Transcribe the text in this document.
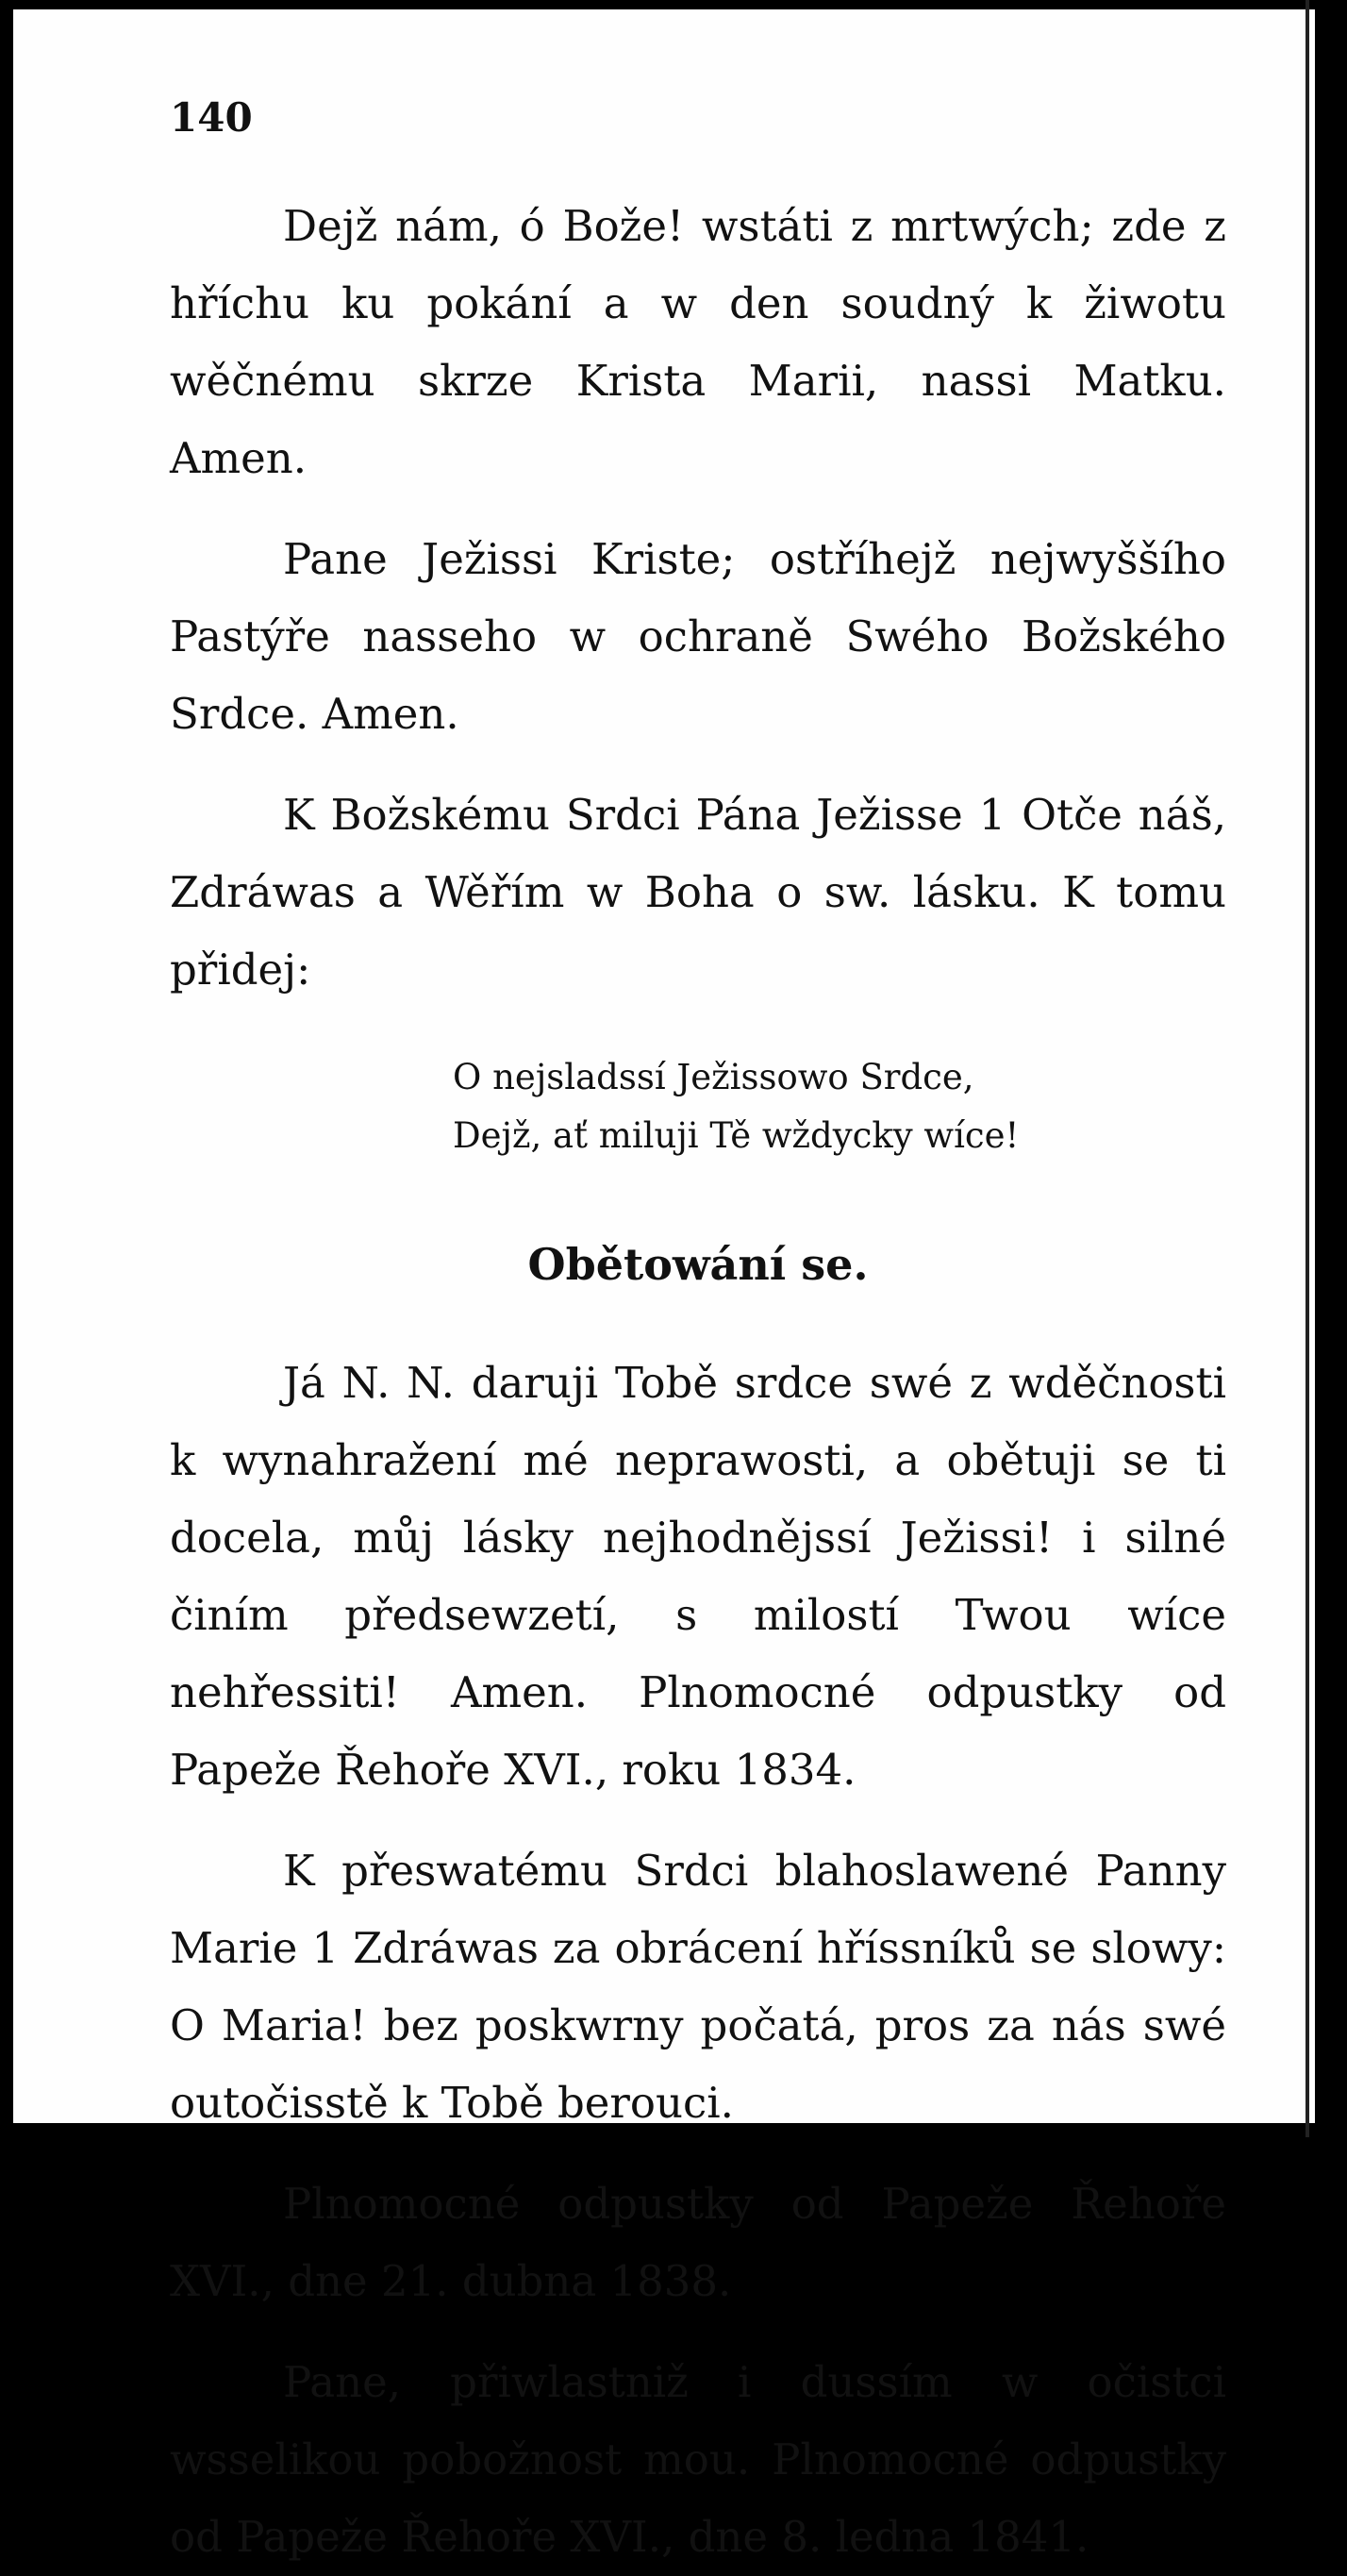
140

Dejž nám, ó Bože! wstáti z mrtwých; zde z hříchu ku pokání a w den soudný k žiwotu wěčnému skrze Krista Marii, nassi Matku. Amen.

Pane Ježissi Kriste; ostříhejž nejwyššího Pastýře nasseho w ochraně Swého Božského Srdce. Amen.

K Božskému Srdci Pána Ježisse 1 Otče náš, Zdráwas a Wěřím w Boha o sw. lásku. K tomu přidej:

O nejsladssí Ježissowo Srdce,
Dejž, ať miluji Tě wždycky wíce!
Obětowání se.

Já N. N. daruji Tobě srdce swé z wděčnosti k wynahražení mé neprawosti, a obětuji se ti docela, můj lásky nejhodnějssí Ježissi! i silné činím předsewzetí, s milostí Twou wíce nehřessiti! Amen. Plnomocné odpustky od Papeže Řehoře XVI., roku 1834.

K přeswatému Srdci blahoslawené Panny Marie 1 Zdráwas za obrácení hříssníků se slowy: O Maria! bez poskwrny počatá, pros za nás swé outočisstě k Tobě berouci.

Plnomocné odpustky od Papeže Řehoře XVI., dne 21. dubna 1838.

Pane, přiwlastniž i dussím w očistci wsselikou pobožnost mou. Plnomocné odpustky od Papeže Řehoře XVI., dne 8. ledna 1841.
